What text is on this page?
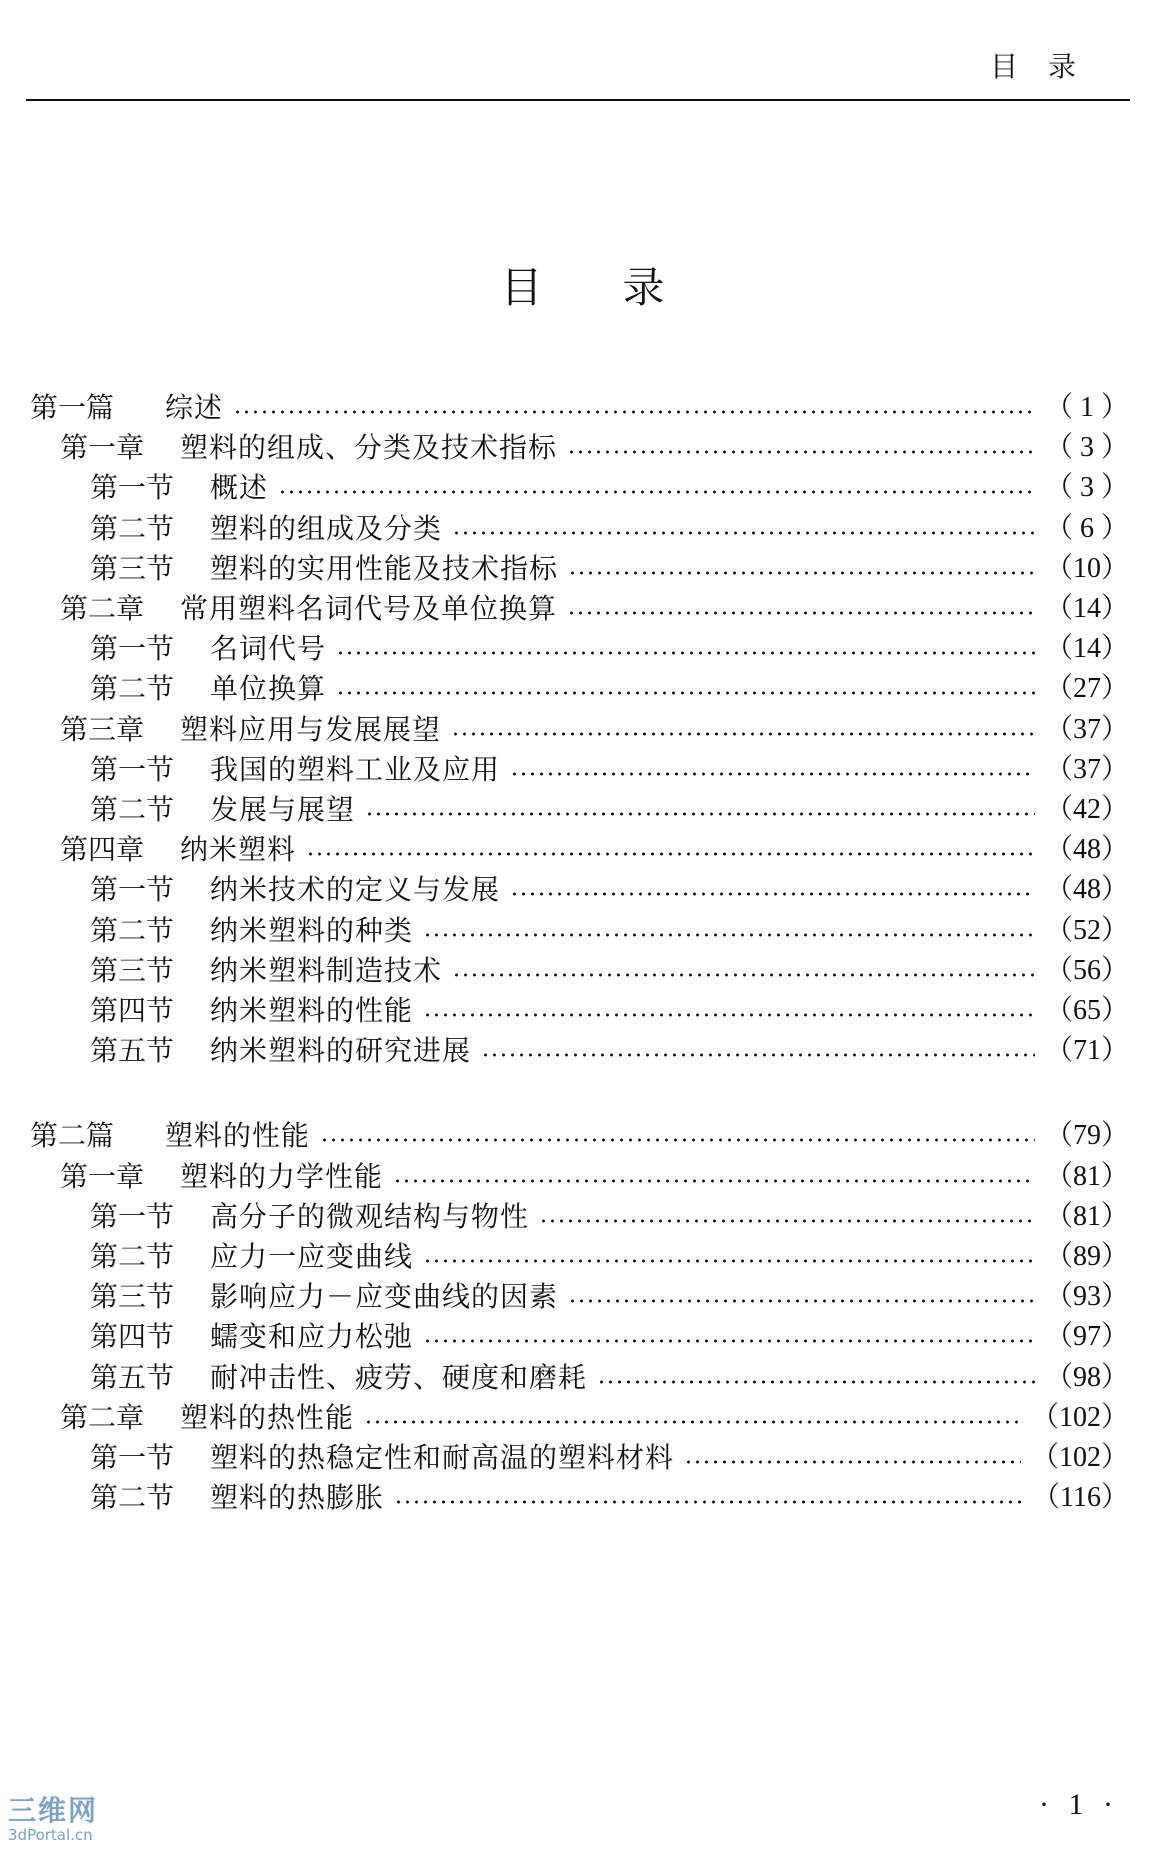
目录
目录
第一篇	综述	（ 1 ）
第一章	塑料的组成、分类及技术指标	（ 3 ）
第一节	概述	（ 3 ）
第二节	塑料的组成及分类	（ 6 ）
第三节	塑料的实用性能及技术指标	（10）
第二章	常用塑料名词代号及单位换算	（14）
第一节	名词代号	（14）
第二节	单位换算	（27）
第三章	塑料应用与发展展望	（37）
第一节	我国的塑料工业及应用	（37）
第二节	发展与展望	（42）
第四章	纳米塑料	（48）
第一节	纳米技术的定义与发展	（48）
第二节	纳米塑料的种类	（52）
第三节	纳米塑料制造技术	（56）
第四节	纳米塑料的性能	（65）
第五节	纳米塑料的研究进展	（71）
第二篇	塑料的性能	（79）
第一章	塑料的力学性能	（81）
第一节	高分子的微观结构与物性	（81）
第二节	应力一应变曲线	（89）
第三节	影响应力－应变曲线的因素	（93）
第四节	蠕变和应力松弛	（97）
第五节	耐冲击性、疲劳、硬度和磨耗	（98）
第二章	塑料的热性能	（102）
第一节	塑料的热稳定性和耐高温的塑料材料	（102）
第二节	塑料的热膨胀	（116）
· 1 ·
三维网
3dPortal.cn
